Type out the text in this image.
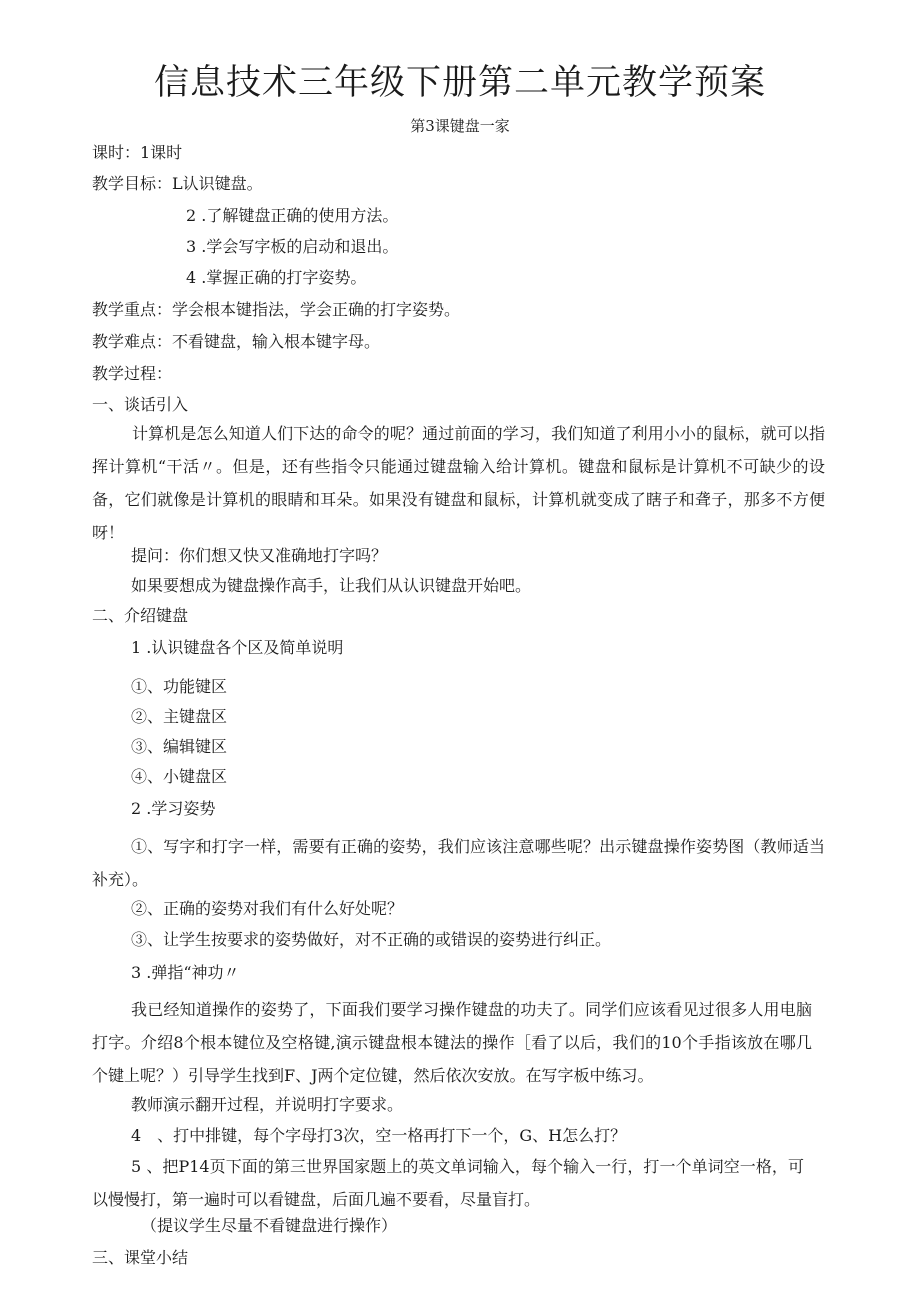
信息技术三年级下册第二单元教学预案
第3课键盘一家
课时：1课时
教学目标：L认识键盘。
2 .了解键盘正确的使用方法。
3 .学会写字板的启动和退出。
4 .掌握正确的打字姿势。
教学重点：学会根本键指法，学会正确的打字姿势。
教学难点：不看键盘，输入根本键字母。
教学过程：
一、谈话引入
计算机是怎么知道人们下达的命令的呢？通过前面的学习，我们知道了利用小小的鼠标，就可以指挥计算机“干活〃。但是，还有些指令只能通过键盘输入给计算机。键盘和鼠标是计算机不可缺少的设备，它们就像是计算机的眼睛和耳朵。如果没有键盘和鼠标，计算机就变成了瞎子和聋子，那多不方便呀！
提问：你们想又快又准确地打字吗？
如果要想成为键盘操作高手，让我们从认识键盘开始吧。
二、介绍键盘
1 .认识键盘各个区及简单说明
①、功能键区
②、主键盘区
③、编辑键区
④、小键盘区
2 .学习姿势
①、写字和打字一样，需要有正确的姿势，我们应该注意哪些呢？出示键盘操作姿势图（教师适当补充）。
②、正确的姿势对我们有什么好处呢？
③、让学生按要求的姿势做好，对不正确的或错误的姿势进行纠正。
3 .弹指“神功〃
我已经知道操作的姿势了，下面我们要学习操作键盘的功夫了。同学们应该看见过很多人用电脑打字。介绍8个根本键位及空格键,演示键盘根本键法的操作［看了以后，我们的10个手指该放在哪几个键上呢？）引导学生找到F、J两个定位键，然后依次安放。在写字板中练习。
教师演示翻开过程，并说明打字要求。
4　、打中排键，每个字母打3次，空一格再打下一个，G、H怎么打？
5 、把P14页下面的第三世界国家题上的英文单词输入，每个输入一行，打一个单词空一格，可以慢慢打，第一遍时可以看键盘，后面几遍不要看，尽量盲打。
（提议学生尽量不看键盘进行操作）
三、课堂小结
